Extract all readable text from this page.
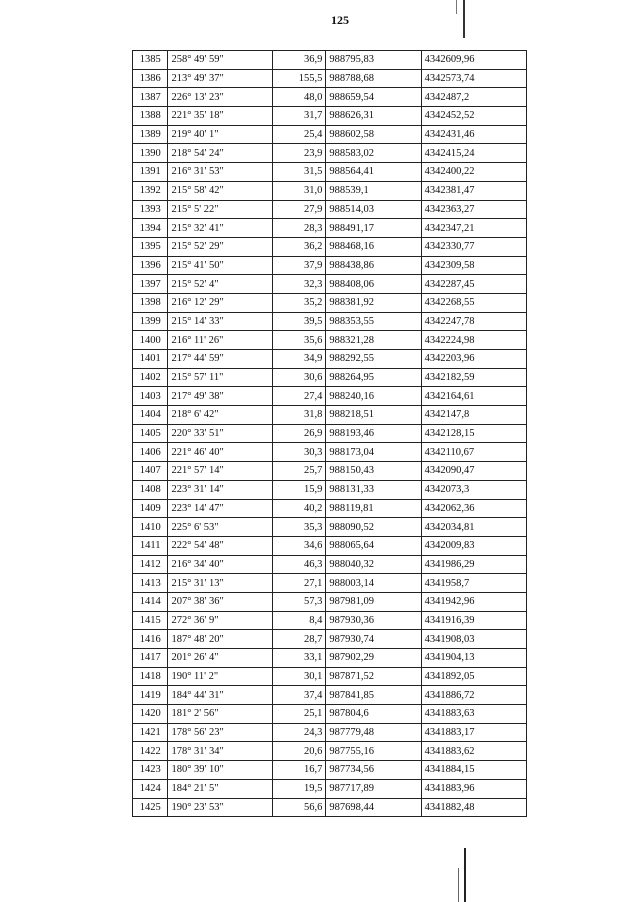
125
1385	258° 49' 59"	36,9	988795,83	4342609,96
1386	213° 49' 37"	155,5	988788,68	4342573,74
1387	226° 13' 23"	48,0	988659,54	4342487,2
1388	221° 35' 18"	31,7	988626,31	4342452,52
1389	219° 40' 1"	25,4	988602,58	4342431,46
1390	218° 54' 24"	23,9	988583,02	4342415,24
1391	216° 31' 53"	31,5	988564,41	4342400,22
1392	215° 58' 42"	31,0	988539,1	4342381,47
1393	215° 5' 22"	27,9	988514,03	4342363,27
1394	215° 32' 41"	28,3	988491,17	4342347,21
1395	215° 52' 29"	36,2	988468,16	4342330,77
1396	215° 41' 50"	37,9	988438,86	4342309,58
1397	215° 52' 4"	32,3	988408,06	4342287,45
1398	216° 12' 29"	35,2	988381,92	4342268,55
1399	215° 14' 33"	39,5	988353,55	4342247,78
1400	216° 11' 26"	35,6	988321,28	4342224,98
1401	217° 44' 59"	34,9	988292,55	4342203,96
1402	215° 57' 11"	30,6	988264,95	4342182,59
1403	217° 49' 38"	27,4	988240,16	4342164,61
1404	218° 6' 42"	31,8	988218,51	4342147,8
1405	220° 33' 51"	26,9	988193,46	4342128,15
1406	221° 46' 40"	30,3	988173,04	4342110,67
1407	221° 57' 14"	25,7	988150,43	4342090,47
1408	223° 31' 14"	15,9	988131,33	4342073,3
1409	223° 14' 47"	40,2	988119,81	4342062,36
1410	225° 6' 53"	35,3	988090,52	4342034,81
1411	222° 54' 48"	34,6	988065,64	4342009,83
1412	216° 34' 40"	46,3	988040,32	4341986,29
1413	215° 31' 13"	27,1	988003,14	4341958,7
1414	207° 38' 36"	57,3	987981,09	4341942,96
1415	272° 36' 9"	8,4	987930,36	4341916,39
1416	187° 48' 20"	28,7	987930,74	4341908,03
1417	201° 26' 4"	33,1	987902,29	4341904,13
1418	190° 11' 2"	30,1	987871,52	4341892,05
1419	184° 44' 31"	37,4	987841,85	4341886,72
1420	181° 2' 56"	25,1	987804,6	4341883,63
1421	178° 56' 23"	24,3	987779,48	4341883,17
1422	178° 31' 34"	20,6	987755,16	4341883,62
1423	180° 39' 10"	16,7	987734,56	4341884,15
1424	184° 21' 5"	19,5	987717,89	4341883,96
1425	190° 23' 53"	56,6	987698,44	4341882,48
